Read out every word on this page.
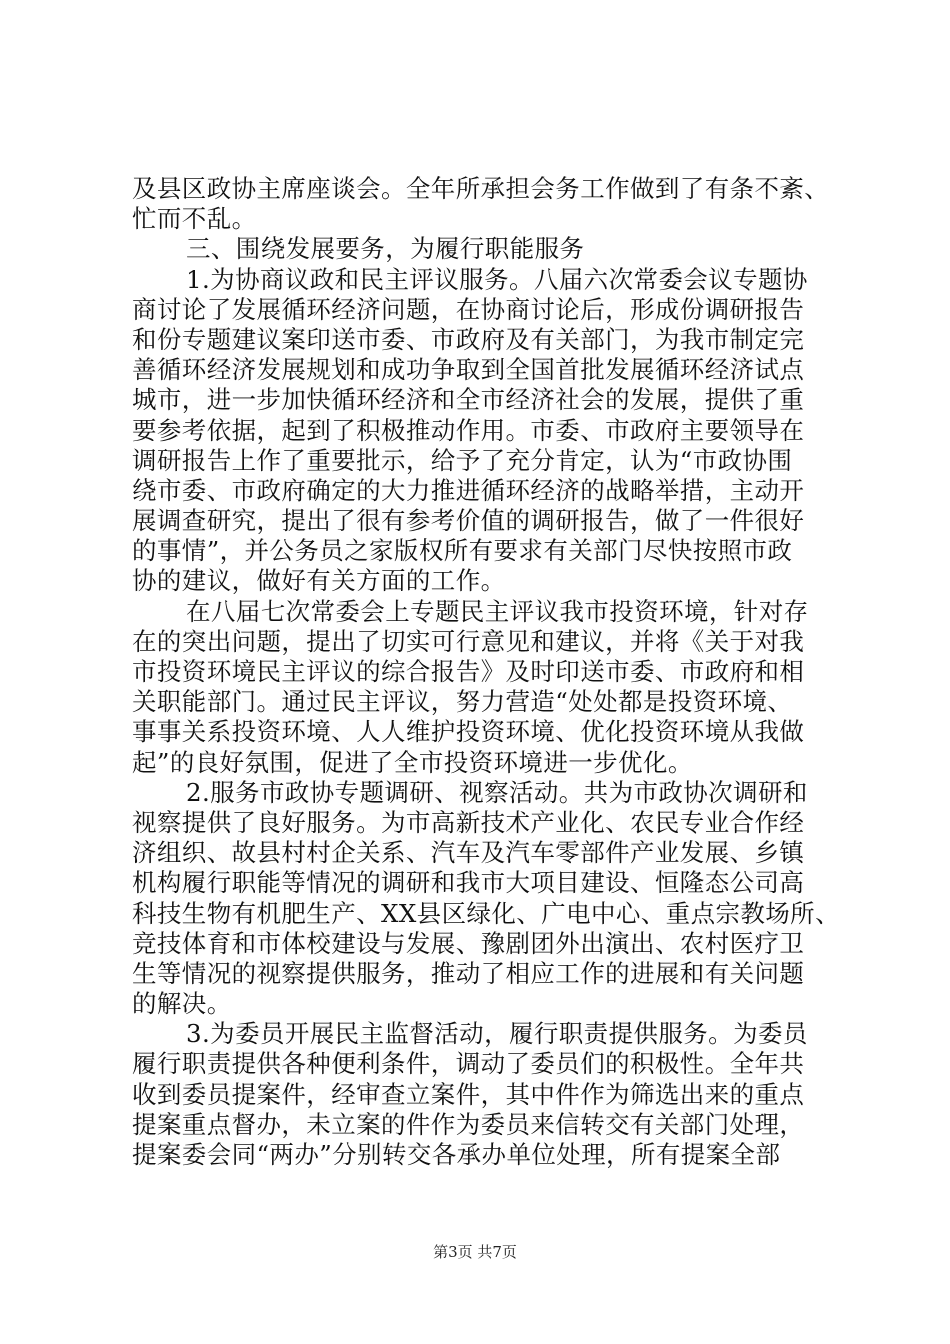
及县区政协主席座谈会。全年所承担会务工作做到了有条不紊、
忙而不乱。
三、围绕发展要务，为履行职能服务
1.为协商议政和民主评议服务。八届六次常委会议专题协
商讨论了发展循环经济问题，在协商讨论后，形成份调研报告
和份专题建议案印送市委、市政府及有关部门，为我市制定完
善循环经济发展规划和成功争取到全国首批发展循环经济试点
城市，进一步加快循环经济和全市经济社会的发展，提供了重
要参考依据，起到了积极推动作用。市委、市政府主要领导在
调研报告上作了重要批示，给予了充分肯定，认为“市政协围
绕市委、市政府确定的大力推进循环经济的战略举措，主动开
展调查研究，提出了很有参考价值的调研报告，做了一件很好
的事情”，并公务员之家版权所有要求有关部门尽快按照市政
协的建议，做好有关方面的工作。
在八届七次常委会上专题民主评议我市投资环境，针对存
在的突出问题，提出了切实可行意见和建议，并将《关于对我
市投资环境民主评议的综合报告》及时印送市委、市政府和相
关职能部门。通过民主评议，努力营造“处处都是投资环境、
事事关系投资环境、人人维护投资环境、优化投资环境从我做
起”的良好氛围，促进了全市投资环境进一步优化。
2.服务市政协专题调研、视察活动。共为市政协次调研和
视察提供了良好服务。为市高新技术产业化、农民专业合作经
济组织、故县村村企关系、汽车及汽车零部件产业发展、乡镇
机构履行职能等情况的调研和我市大项目建设、恒隆态公司高
科技生物有机肥生产、XX县区绿化、广电中心、重点宗教场所、
竞技体育和市体校建设与发展、豫剧团外出演出、农村医疗卫
生等情况的视察提供服务，推动了相应工作的进展和有关问题
的解决。
3.为委员开展民主监督活动，履行职责提供服务。为委员
履行职责提供各种便利条件，调动了委员们的积极性。全年共
收到委员提案件，经审查立案件，其中件作为筛选出来的重点
提案重点督办，未立案的件作为委员来信转交有关部门处理，
提案委会同“两办”分别转交各承办单位处理，所有提案全部
第3页 共7页
